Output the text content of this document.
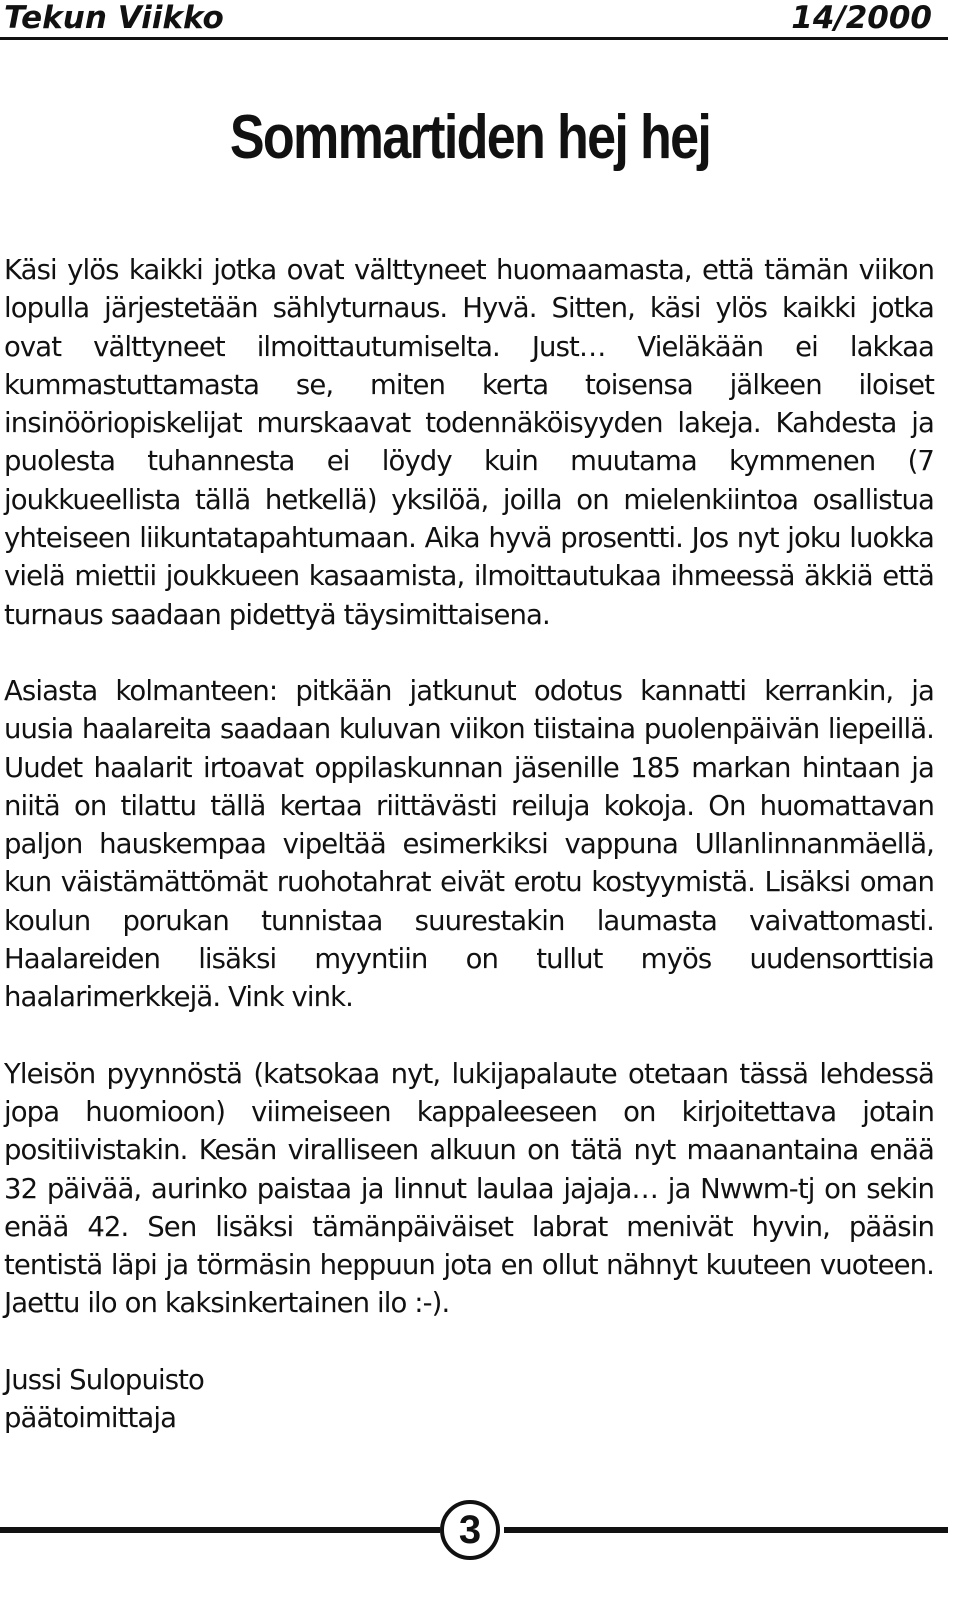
Tekun Viikko	14/2000
Sommartiden hej hej

Käsi ylös kaikki jotka ovat välttyneet huomaamasta, että tämän viikon lopulla järjestetään sählyturnaus. Hyvä. Sitten, käsi ylös kaikki jotka ovat välttyneet ilmoittautumiselta. Just… Vieläkään ei lakkaa kummastuttamasta se, miten kerta toisensa jälkeen iloiset insinööriopiskelijat murskaavat todennäköisyyden lakeja. Kahdesta ja puolesta tuhannesta ei löydy kuin muutama kymmenen (7 joukkueellista tällä hetkellä) yksilöä, joilla on mielenkiintoa osallistua yhteiseen liikuntatapahtumaan. Aika hyvä prosentti. Jos nyt joku luokka vielä miettii joukkueen kasaamista, ilmoittautukaa ihmeessä äkkiä että turnaus saadaan pidettyä täysimittaisena.

Asiasta kolmanteen: pitkään jatkunut odotus kannatti kerrankin, ja uusia haalareita saadaan kuluvan viikon tiistaina puolenpäivän liepeillä. Uudet haalarit irtoavat oppilaskunnan jäsenille 185 markan hintaan ja niitä on tilattu tällä kertaa riittävästi reiluja kokoja. On huomattavan paljon hauskempaa vipeltää esimerkiksi vappuna Ullanlinnanmäellä, kun väistämättömät ruohotahrat eivät erotu kostyymistä. Lisäksi oman koulun porukan tunnistaa suurestakin laumasta vaivattomasti. Haalareiden lisäksi myyntiin on tullut myös uudensorttisia haalarimerkkejä. Vink vink.

Yleisön pyynnöstä (katsokaa nyt, lukijapalaute otetaan tässä lehdessä jopa huomioon) viimeiseen kappaleeseen on kirjoitettava jotain positiivistakin. Kesän viralliseen alkuun on tätä nyt maanantaina enää 32 päivää, aurinko paistaa ja linnut laulaa jajaja… ja Nwwm-tj on sekin enää 42. Sen lisäksi tämänpäiväiset labrat menivät hyvin, pääsin tentistä läpi ja törmäsin heppuun jota en ollut nähnyt kuuteen vuoteen. Jaettu ilo on kaksinkertainen ilo :-).

Jussi Sulopuisto
päätoimittaja
3
